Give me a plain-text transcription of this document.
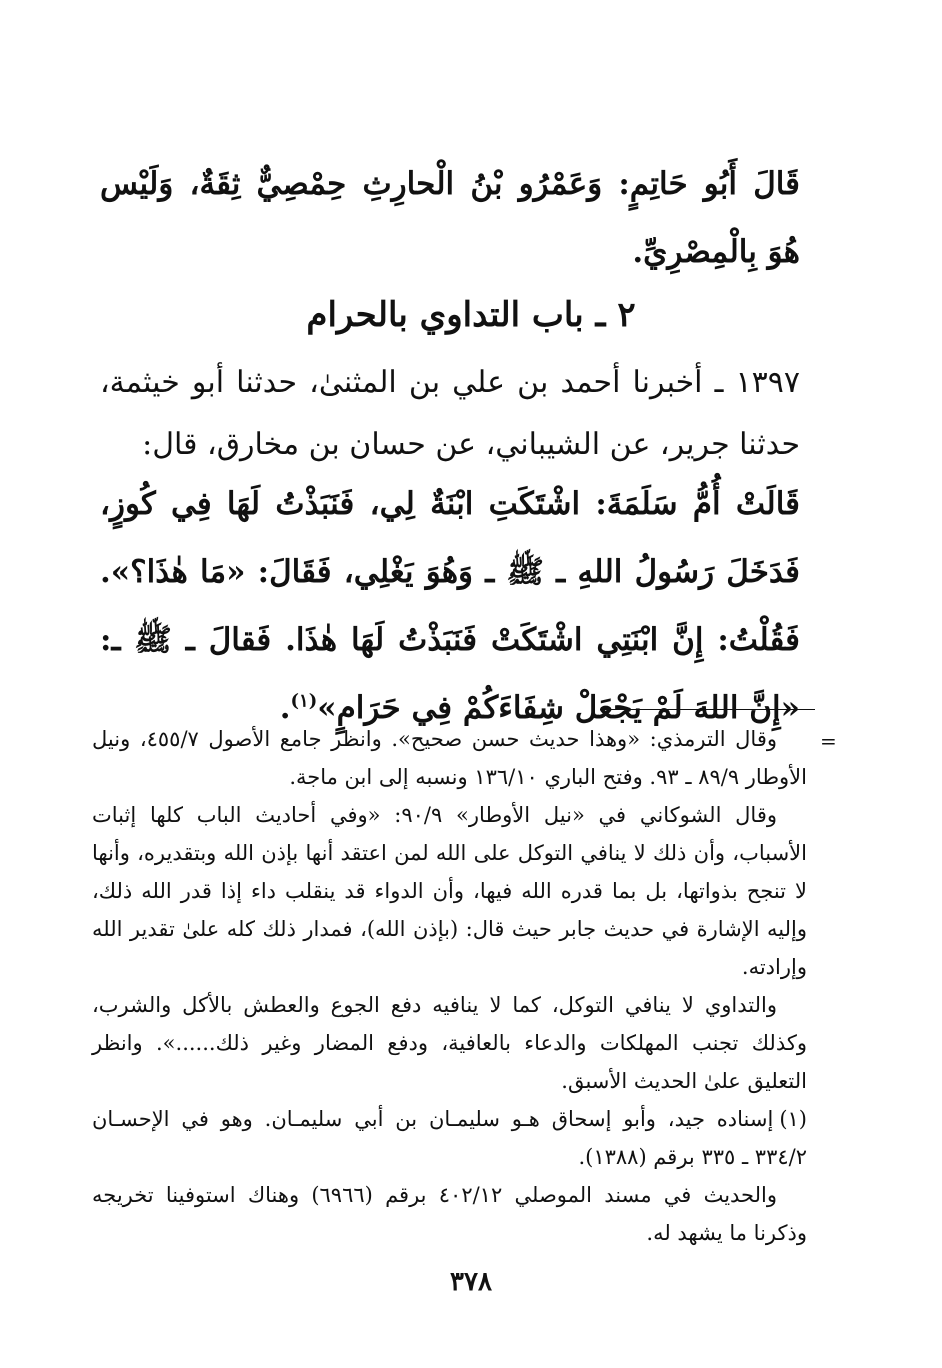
قَالَ أَبُو حَاتِمٍ: وَعَمْرُو بْنُ الْحارِثِ حِمْصِيٌّ ثِقَةٌ، وَلَيْس هُوَ بِالْمِصْرِيِّ.
٢ ـ باب التداوي بالحرام
١٣٩٧ ـ أخبرنا أحمد بن علي بن المثنىٰ، حدثنا أبو خيثمة، حدثنا جرير، عن الشيباني، عن حسان بن مخارق، قال:
قَالَتْ أُمُّ سَلَمَةَ: اشْتَكَتِ ابْنَةٌ لِي، فَنَبَذْتُ لَهَا فِي كُوزٍ، فَدَخَلَ رَسُولُ اللهِ ـ ﷺ ـ وَهُوَ يَغْلِي، فَقَالَ: «مَا هٰذَا؟». فَقُلْتُ: إِنَّ ابْنَتِي اشْتَكَتْ فَنَبَذْتُ لَهَا هٰذَا. فَقالَ ـ ﷺ ـ: «إِنَّ اللهَ لَمْ يَجْعَلْ شِفَاءَكُمْ فِي حَرَامٍ»$^{(١)}$.
=

وقال الترمذي: «وهذا حديث حسن صحيح». وانظر جامع الأصول ٤٥٥/٧، ونيل الأوطار ٨٩/٩ ـ ٩٣. وفتح الباري ١٣٦/١٠ ونسبه إلى ابن ماجة.

وقال الشوكاني في «نيل الأوطار» ٩٠/٩: «وفي أحاديث الباب كلها إثبات الأسباب، وأن ذلك لا ينافي التوكل على الله لمن اعتقد أنها بإذن الله وبتقديره، وأنها لا تنجح بذواتها، بل بما قدره الله فيها، وأن الدواء قد ينقلب داء إذا قدر الله ذلك، وإليه الإشارة في حديث جابر حيث قال: (بإذن الله)، فمدار ذلك كله علىٰ تقدير الله وإرادته.

والتداوي لا ينافي التوكل، كما لا ينافيه دفع الجوع والعطش بالأكل والشرب، وكذلك تجنب المهلكات والدعاء بالعافية، ودفع المضار وغير ذلك......». وانظر التعليق علىٰ الحديث الأسبق.

(١)إسناده جيد، وأبو إسحاق هـو سليمـان بن أبي سليمـان. وهو في الإحسـان ٣٣٤/٢ ـ ٣٣٥ برقم (١٣٨٨).

والحديث في مسند الموصلي ٤٠٢/١٢ برقم (٦٩٦٦) وهناك استوفينا تخريجه وذكرنا ما يشهد له.

٣٧٨
